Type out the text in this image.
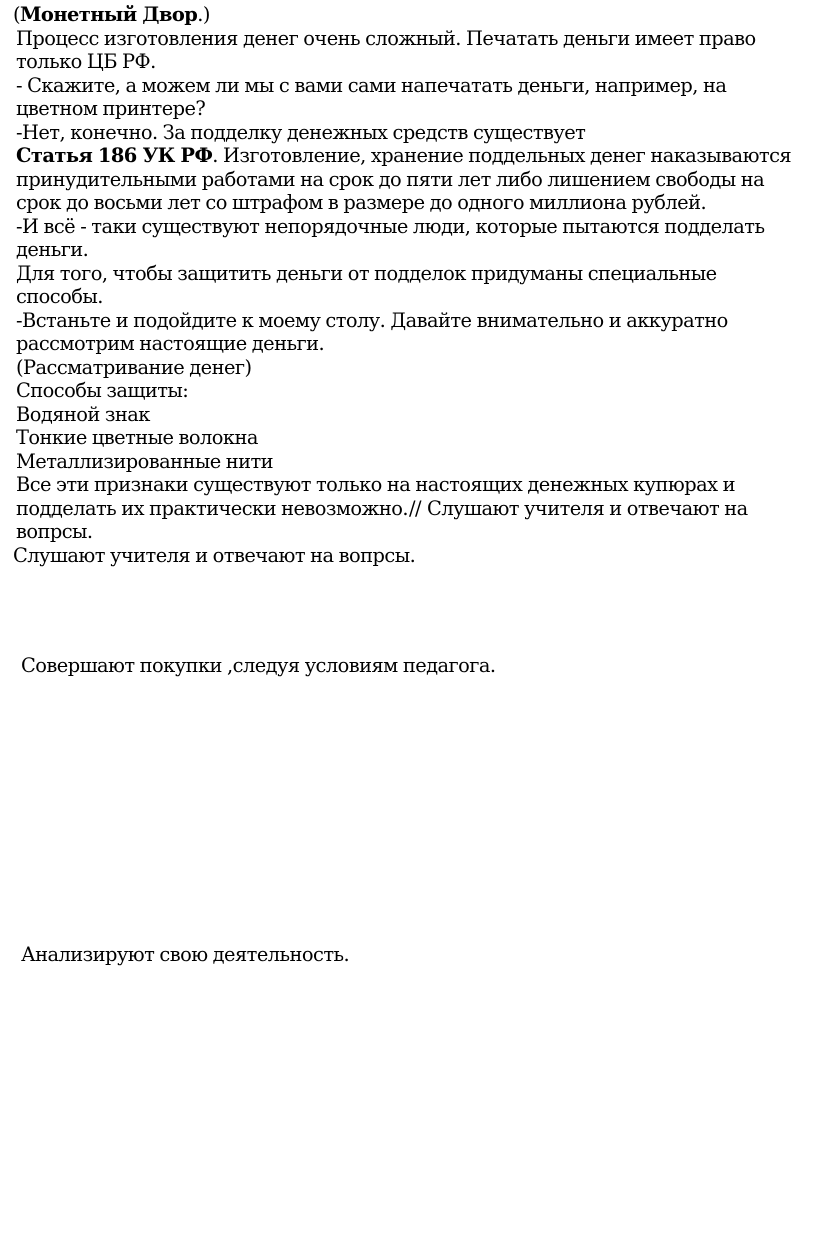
(Монетный Двор.)

Процесс изготовления денег очень сложный. Печатать деньги имеет право только ЦБ РФ.

- Скажите, а можем ли мы с вами сами напечатать деньги, например, на цветном принтере?

-Нет, конечно. За подделку денежных средств существует

Статья 186 УК РФ. Изготовление, хранение поддельных денег наказываются принудительными работами на срок до пяти лет либо лишением свободы на срок до восьми лет со штрафом в размере до одного миллиона рублей.

-И всё - таки существуют непорядочные люди, которые пытаются подделать деньги.

Для того, чтобы защитить деньги от подделок придуманы специальные способы.

-Встаньте и подойдите к моему столу. Давайте внимательно и аккуратно рассмотрим настоящие деньги.

(Рассматривание денег)

Способы защиты:

Водяной знак

Тонкие цветные волокна

Металлизированные нити

Все эти признаки существуют только на настоящих денежных купюрах и подделать их практически невозможно.// Слушают учителя и отвечают на вопрсы.

Слушают учителя и отвечают на вопрсы.

Совершают покупки ,следуя условиям педагога.

Анализируют свою деятельность.
